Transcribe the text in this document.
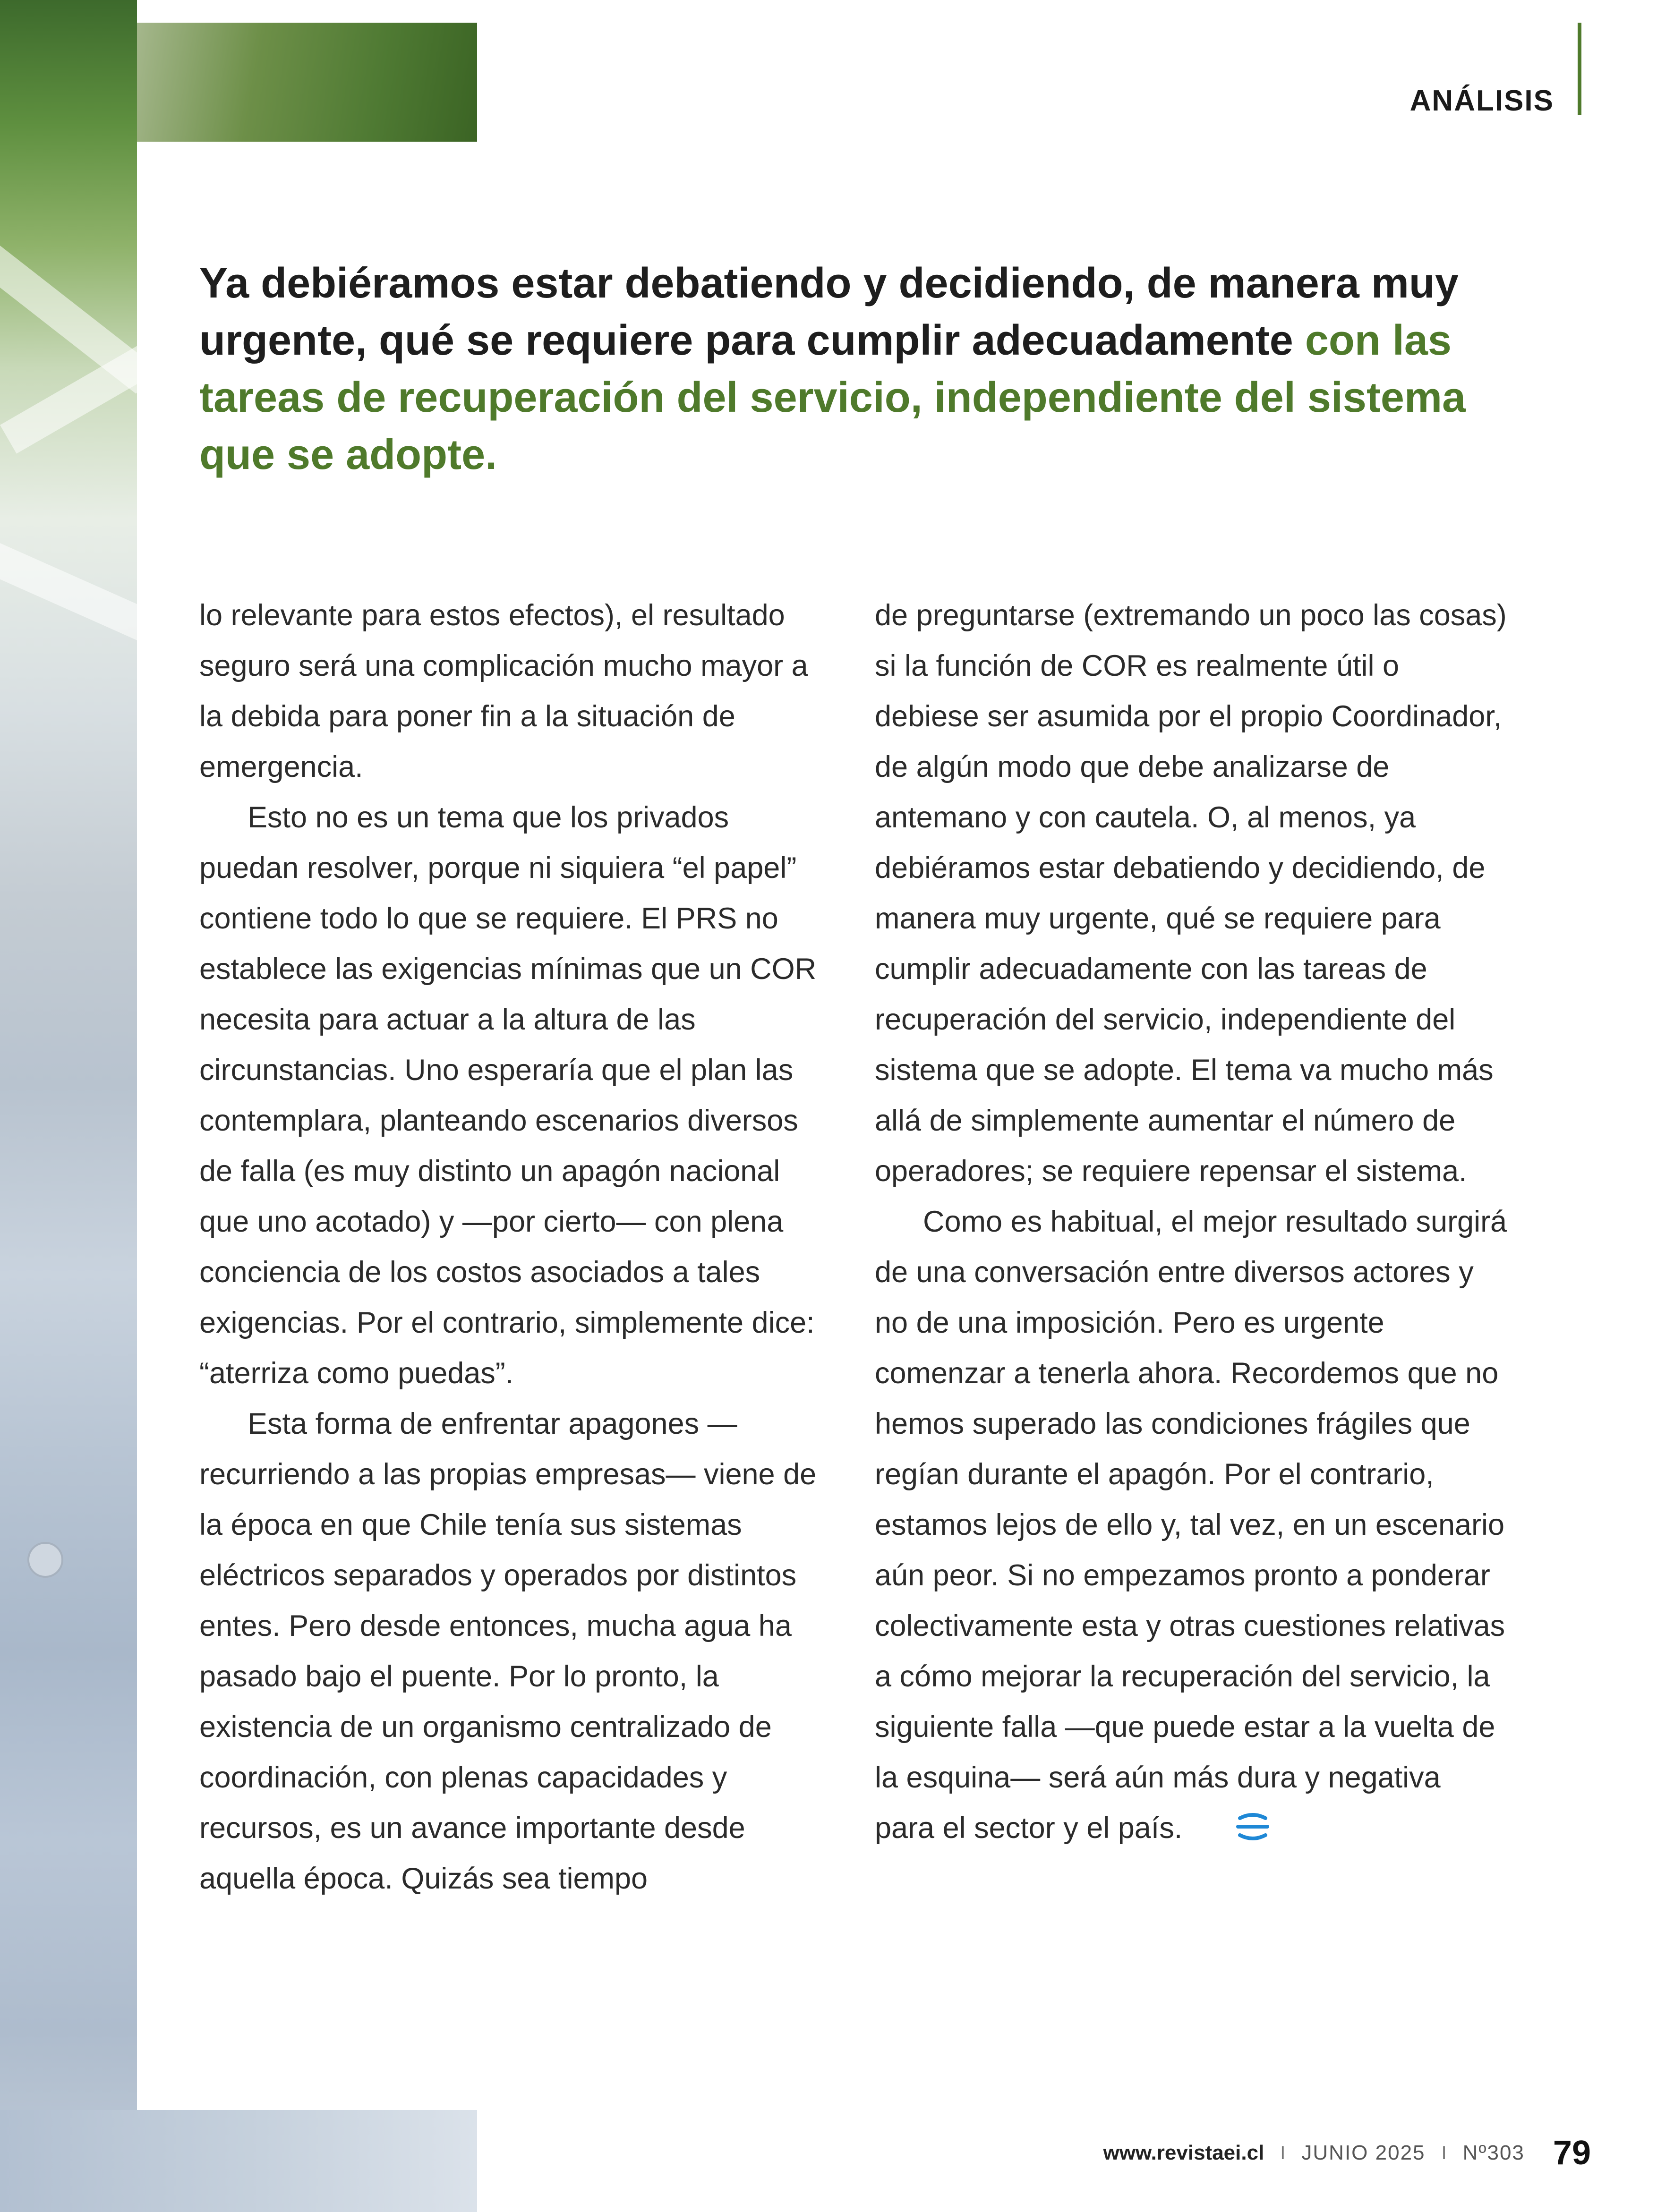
ANÁLISIS

Ya debiéramos estar debatiendo y decidiendo, de manera muy urgente, qué se requiere para cumplir adecuadamente con las tareas de recuperación del servicio, independiente del sistema que se adopte.

lo relevante para estos efectos), el resultado seguro será una complicación mucho mayor a la debida para poner fin a la situación de emergencia.

Esto no es un tema que los privados puedan resolver, porque ni siquiera “el papel” contiene todo lo que se requiere. El PRS no establece las exigencias mínimas que un COR necesita para actuar a la altura de las circunstancias. Uno esperaría que el plan las contemplara, planteando escenarios diversos de falla (es muy distinto un apagón nacional que uno acotado) y —por cierto— con plena conciencia de los costos asociados a tales exigencias. Por el contrario, simplemente dice: “aterriza como puedas”.

Esta forma de enfrentar apagones —recurriendo a las propias empresas— viene de la época en que Chile tenía sus sistemas eléctricos separados y operados por distintos entes. Pero desde entonces, mucha agua ha pasado bajo el puente. Por lo pronto, la existencia de un organismo centralizado de coordinación, con plenas capacidades y recursos, es un avance importante desde aquella época. Quizás sea tiempo

de preguntarse (extremando un poco las cosas) si la función de COR es realmente útil o debiese ser asumida por el propio Coordinador, de algún modo que debe analizarse de antemano y con cautela. O, al menos, ya debiéramos estar debatiendo y decidiendo, de manera muy urgente, qué se requiere para cumplir adecuadamente con las tareas de recuperación del servicio, independiente del sistema que se adopte. El tema va mucho más allá de simplemente aumentar el número de operadores; se requiere repensar el sistema.

Como es habitual, el mejor resultado surgirá de una conversación entre diversos actores y no de una imposición. Pero es urgente comenzar a tenerla ahora. Recordemos que no hemos superado las condiciones frágiles que regían durante el apagón. Por el contrario, estamos lejos de ello y, tal vez, en un escenario aún peor. Si no empezamos pronto a ponderar colectivamente esta y otras cuestiones relativas a cómo mejorar la recuperación del servicio, la siguiente falla —que puede estar a la vuelta de la esquina— será aún más dura y negativa para el sector y el país.

www.revistaei.cl I JUNIO 2025 I Nº303 79
